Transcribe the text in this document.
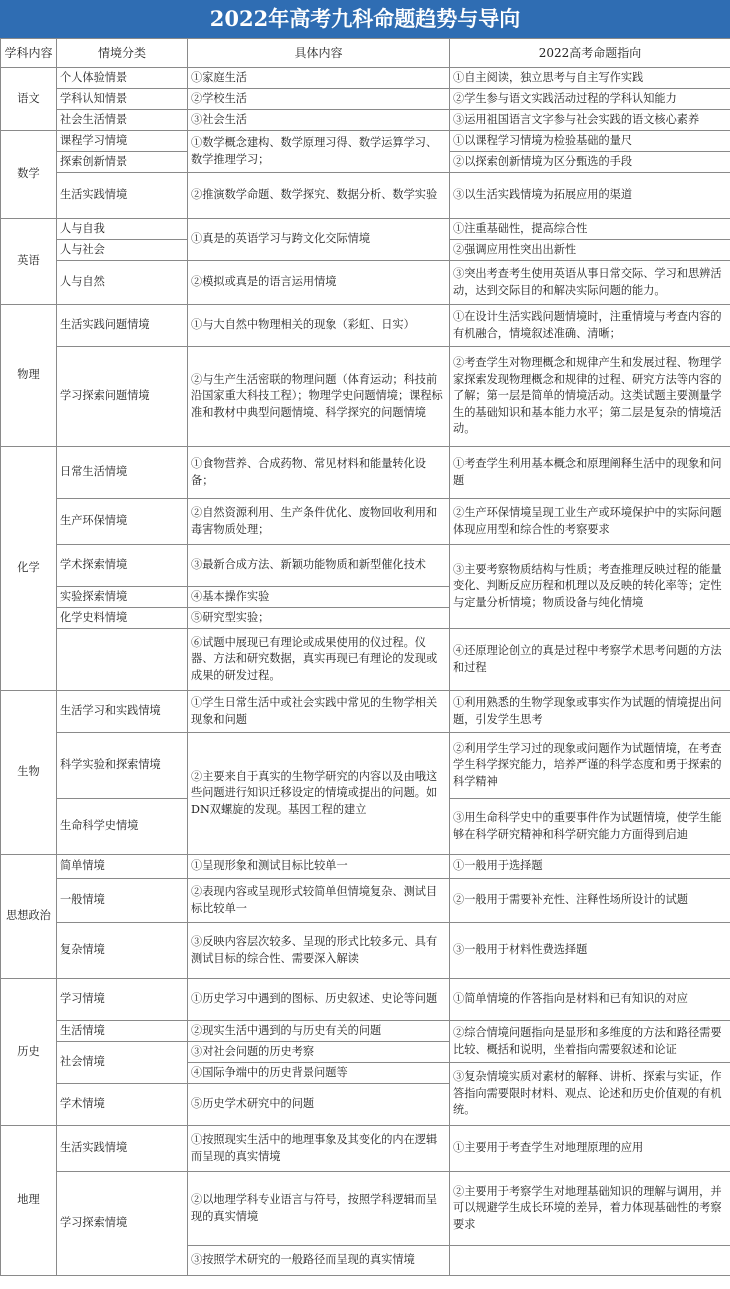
2022年高考九科命题趋势与导向
学科内容	情境分类	具体内容	2022高考命题指向
语文	个人体验情景	①家庭生活	①自主阅读，独立思考与自主写作实践
	学科认知情景	②学校生活	②学生参与语文实践活动过程的学科认知能力
	社会生活情景	③社会生活	③运用祖国语言文字参与社会实践的语文核心素养
数学	课程学习情境	①数学概念建构、数学原理习得、数学运算学习、数学推理学习；	①以课程学习情境为检验基础的量尺
	探索创新情景		②以探索创新情境为区分甄选的手段
	生活实践情境	②推演数学命题、数学探究、数据分析、数学实验	③以生活实践情境为拓展应用的渠道
英语	人与自我	①真是的英语学习与跨文化交际情境	①注重基础性，提高综合性
	人与社会		②强调应用性突出出新性
	人与自然	②模拟或真是的语言运用情境	③突出考查考生使用英语从事日常交际、学习和思辨活动，达到交际目的和解决实际问题的能力。
物理	生活实践问题情境	①与大自然中物理相关的现象（彩虹、日实）	①在设计生活实践问题情境时，注重情境与考查内容的有机融合，情境叙述准确、清晰；
	学习探索问题情境	②与生产生活密联的物理问题（体育运动；科技前沿国家重大科技工程）；物理学史问题情境；课程标准和教材中典型问题情境、科学探究的问题情境	②考查学生对物理概念和规律产生和发展过程、物理学家探索发现物理概念和规律的过程、研究方法等内容的了解；第一层是简单的情境活动。这类试题主要测量学生的基础知识和基本能力水平；第二层是复杂的情境活动。
化学	日常生活情境	①食物营养、合成药物、常见材料和能量转化设备；	①考查学生利用基本概念和原理阐释生活中的现象和问题
	生产环保情境	②自然资源利用、生产条件优化、废物回收利用和毒害物质处理；	②生产环保情境呈现工业生产或环境保护中的实际问题体现应用型和综合性的考察要求
	学术探索情境	③最新合成方法、新颖功能物质和新型催化技术	③主要考察物质结构与性质；考查推理反映过程的能量变化、判断反应历程和机理以及反映的转化率等；定性与定量分析情境；物质设备与纯化情境
	实验探索情境	④基本操作实验	
	化学史料情境	⑤研究型实验；	
		⑥试题中展现已有理论或成果使用的仪过程。仪器、方法和研究数据，真实再现已有理论的发现或成果的研发过程。	④还原理论创立的真是过程中考察学术思考问题的方法和过程
生物	生活学习和实践情境	①学生日常生活中或社会实践中常见的生物学相关现象和问题	①利用熟悉的生物学现象或事实作为试题的情境提出问题，引发学生思考
	科学实验和探索情境	②主要来自于真实的生物学研究的内容以及由哦这些问题进行知识迁移设定的情境或提出的问题。如DN双螺旋的发现。基因工程的建立	②利用学生学习过的现象或问题作为试题情境，在考查学生科学探究能力，培养严谨的科学态度和勇于探索的科学精神
	生命科学史情境		③用生命科学史中的重要事件作为试题情境，使学生能够在科学研究精神和科学研究能力方面得到启迪
思想政治	简单情境	①呈现形象和测试目标比较单一	①一般用于选择题
	一般情境	②表现内容或呈现形式较简单但情境复杂、测试目标比较单一	②一般用于需要补充性、注释性场所设计的试题
	复杂情境	③反映内容层次较多、呈现的形式比较多元、具有测试目标的综合性、需要深入解读	③一般用于材料性费选择题
历史	学习情境	①历史学习中遇到的图标、历史叙述、史论等问题	①简单情境的作答指向是材料和已有知识的对应
	生活情境	②现实生活中遇到的与历史有关的问题	②综合情境问题指向是显形和多维度的方法和路径需要比较、概括和说明，坐着指向需要叙述和论证
	社会情境	③对社会问题的历史考察	
		④国际争端中的历史背景问题等	③复杂情境实质对素材的解释、讲析、探索与实证，作答指向需要限时材料、观点、论述和历史价值观的有机统。
	学术情境	⑤历史学术研究中的问题	
地理	生活实践情境	①按照现实生活中的地理事象及其变化的内在逻辑而呈现的真实情境	①主要用于考查学生对地理原理的应用
	学习探索情境	②以地理学科专业语言与符号，按照学科逻辑而呈现的真实情境	②主要用于考察学生对地理基础知识的理解与调用，并可以规避学生成长环境的差异，着力体现基础性的考察要求
		③按照学术研究的一般路径而呈现的真实情境	
